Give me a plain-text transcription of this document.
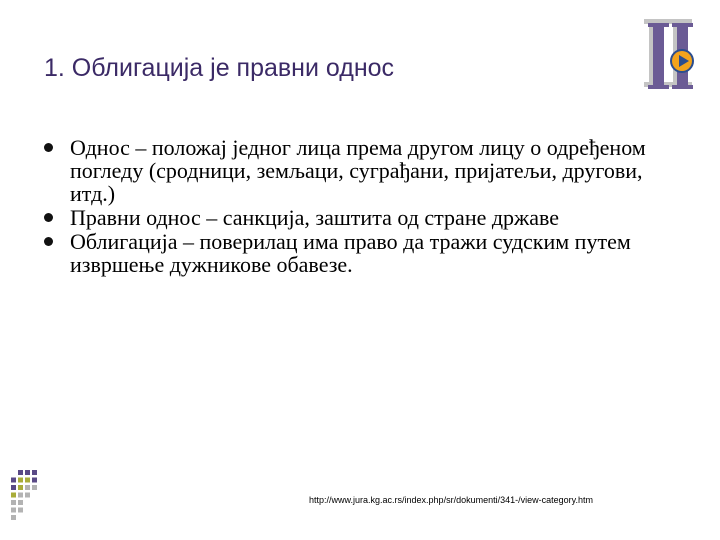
1. Облигација је правни однос
Однос – положај једног лица према другом лицу о одређеном погледу (сродници, земљаци, суграђани, пријатељи, другови, итд.)
Правни однос – санкција, заштита од стране државе
Облигација – поверилац има право да тражи судским путем извршење дужникове обавезе.
http://www.jura.kg.ac.rs/index.php/sr/dokumenti/341-/view-category.htm
